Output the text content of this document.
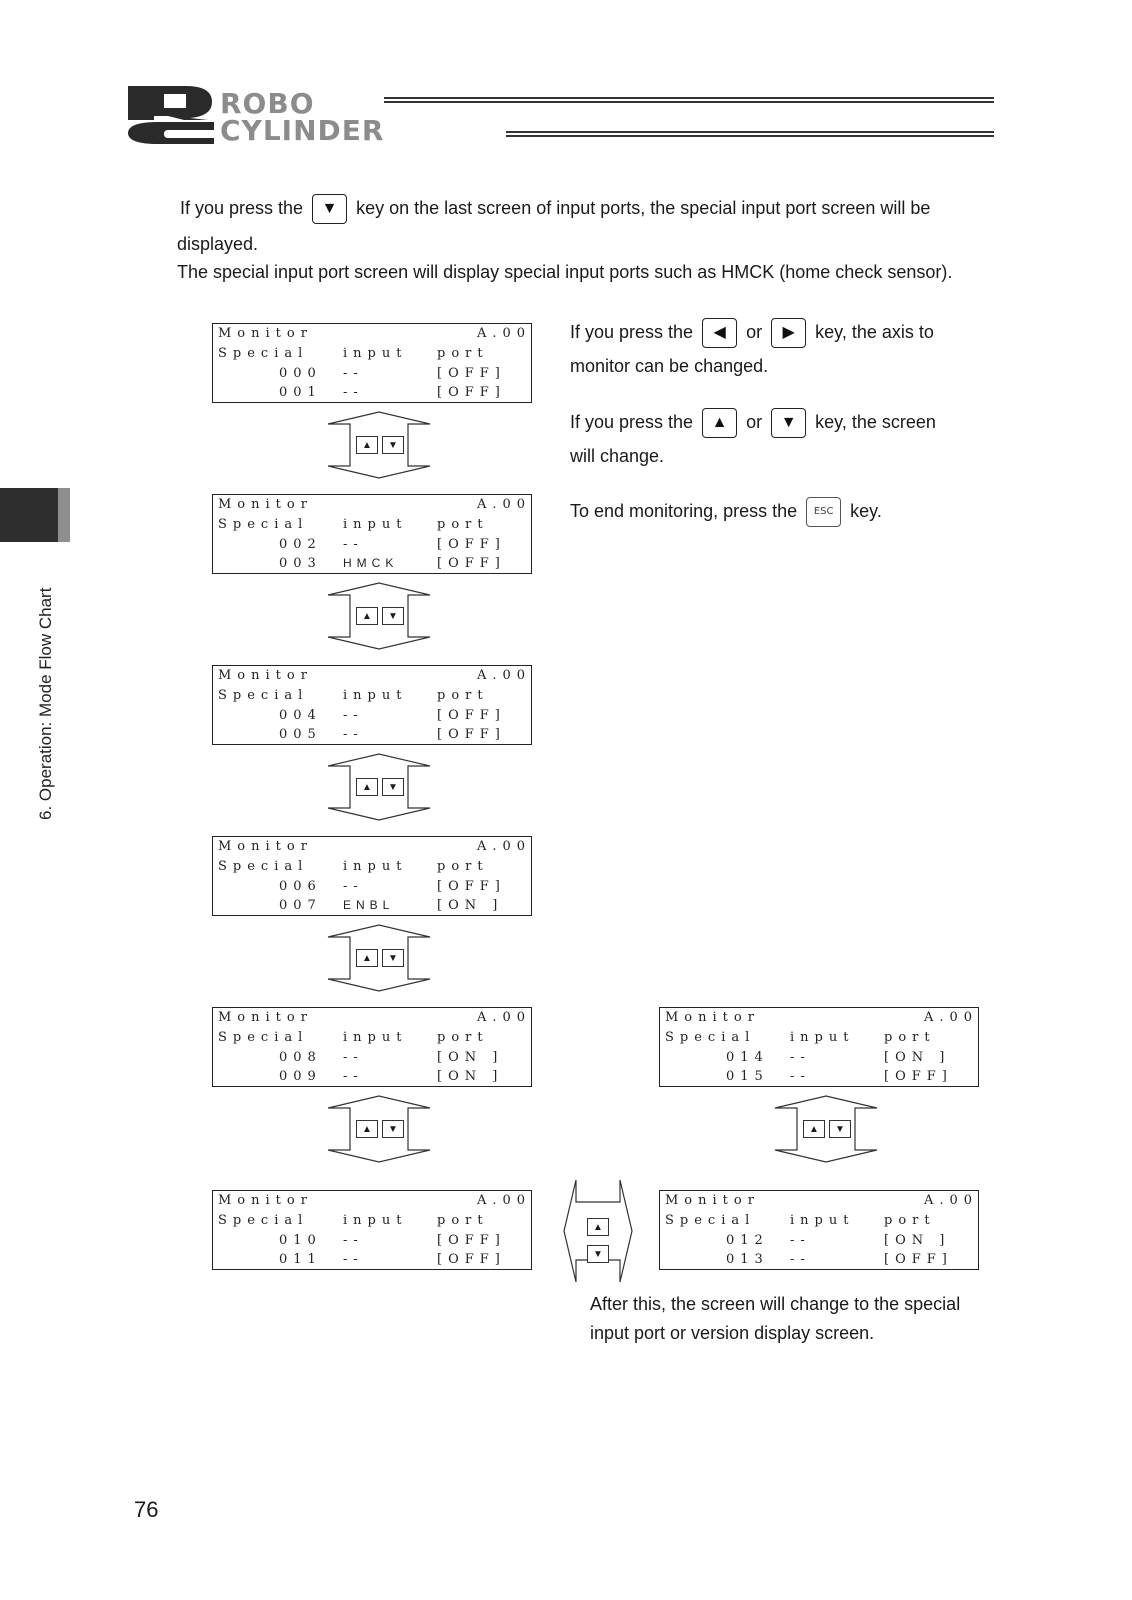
ROBO
CYLINDER
6. Operation: Mode Flow Chart
If you press the ▼ key on the last screen of input ports, the special input port screen will be
displayed.
The special input port screen will display special input ports such as HMCK (home check sensor).
If you press the ◀ or ▶ key, the axis to
monitor can be changed.
If you press the ▲ or ▼ key, the screen
will change.
To end monitoring, press the ESC key.
After this, the screen will change to the special
input port or version display screen.
Monitor	A.00
Special	input port
000 --	[OFF]
001 --	[OFF]
Monitor	A.00
Special	input port
002 --	[OFF]
003 HMCK	[OFF]
Monitor	A.00
Special	input port
004 --	[OFF]
005 --	[OFF]
Monitor	A.00
Special	input port
006 --	[OFF]
007 ENBL	[ON ]
Monitor	A.00
Special	input port
008 --	[ON ]
009 --	[ON ]
Monitor	A.00
Special	input port
010 --	[OFF]
011 --	[OFF]
Monitor	A.00
Special	input port
012 --	[ON ]
013 --	[OFF]
Monitor	A.00
Special	input port
014 --	[ON ]
015 --	[OFF]
▲	▼
▲	▼
▲	▼
▲	▼
▲	▼	▲	▼
▲
▼
76
